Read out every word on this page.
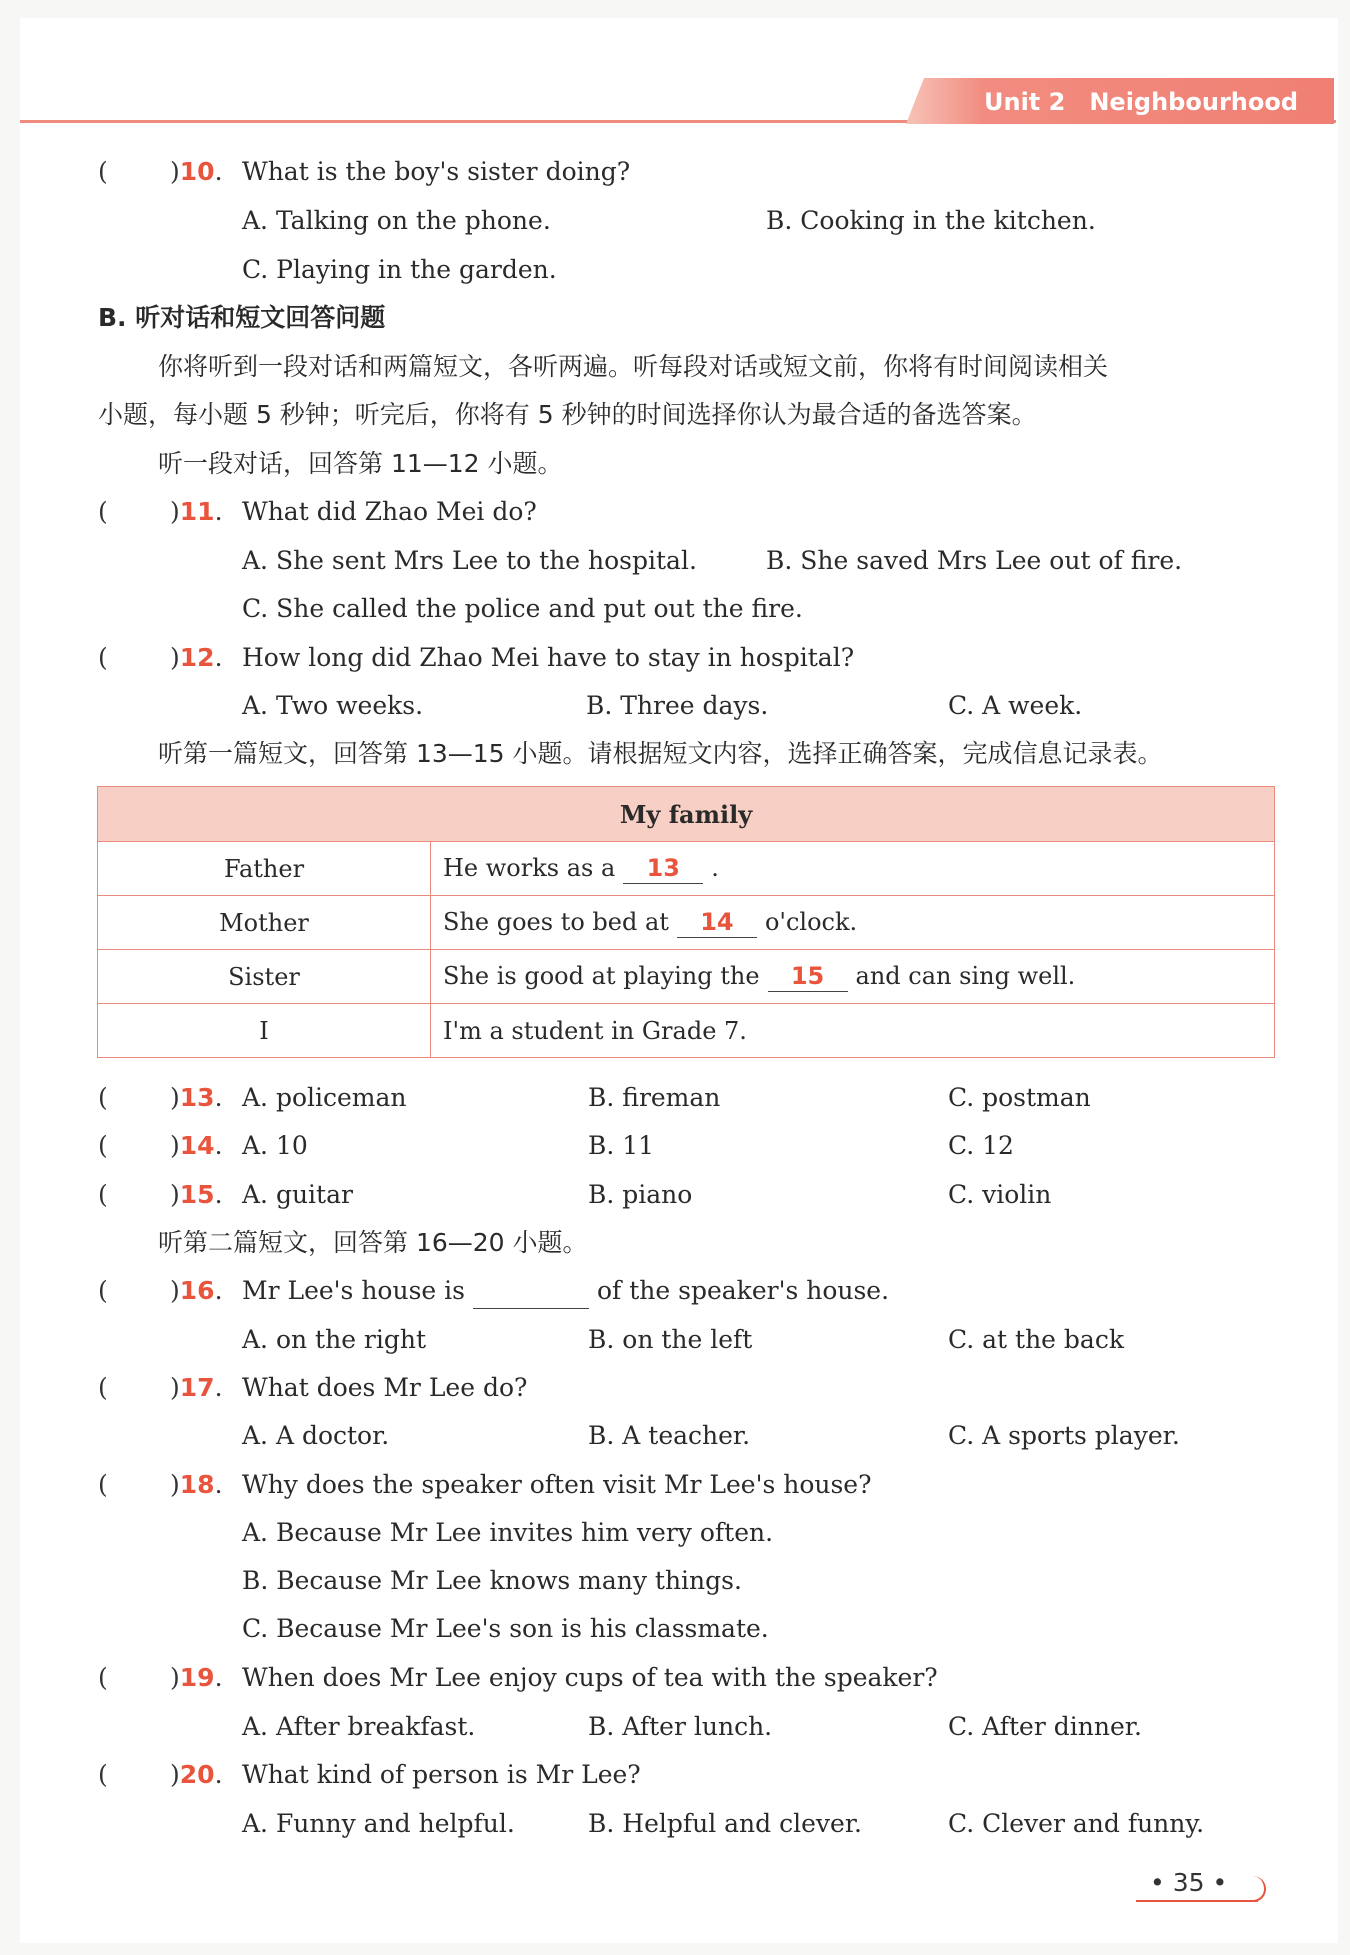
Unit 2 Neighbourhood
( )10. What is the boy's sister doing?
A. Talking on the phone.	B. Cooking in the kitchen.
C. Playing in the garden.
B. 听对话和短文回答问题
你将听到一段对话和两篇短文，各听两遍。听每段对话或短文前，你将有时间阅读相关
小题，每小题 5 秒钟；听完后，你将有 5 秒钟的时间选择你认为最合适的备选答案。
听一段对话，回答第 11—12 小题。
( )11. What did Zhao Mei do?
A. She sent Mrs Lee to the hospital.	B. She saved Mrs Lee out of fire.
C. She called the police and put out the fire.
( )12. How long did Zhao Mei have to stay in hospital?
A. Two weeks.	B. Three days.	C. A week.
听第一篇短文，回答第 13—15 小题。请根据短文内容，选择正确答案，完成信息记录表。
My family	
Father	He works as a 13 .
Mother	She goes to bed at 14 o'clock.
Sister	She is good at playing the 15 and can sing well.
I	I'm a student in Grade 7.
( )13. A. policeman	B. fireman	C. postman
( )14. A. 10	B. 11	C. 12
( )15. A. guitar	B. piano	C. violin
听第二篇短文，回答第 16—20 小题。
( )16. Mr Lee's house is	of the speaker's house.
A. on the right	B. on the left	C. at the back
( )17. What does Mr Lee do?
A. A doctor.	B. A teacher.	C. A sports player.
( )18. Why does the speaker often visit Mr Lee's house?
A. Because Mr Lee invites him very often.
B. Because Mr Lee knows many things.
C. Because Mr Lee's son is his classmate.
( )19. When does Mr Lee enjoy cups of tea with the speaker?
A. After breakfast.	B. After lunch.	C. After dinner.
( )20. What kind of person is Mr Lee?
A. Funny and helpful.	B. Helpful and clever.	C. Clever and funny.
• 35 •
